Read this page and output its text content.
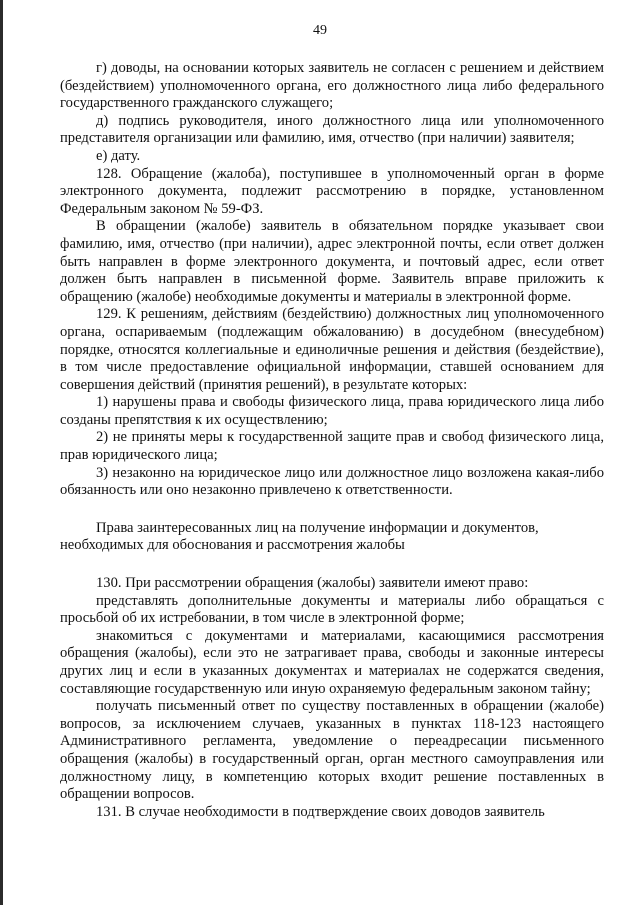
49

г) доводы, на основании которых заявитель не согласен с решением и действием (бездействием) уполномоченного органа, его должностного лица либо федерального государственного гражданского служащего;

д) подпись руководителя, иного должностного лица или уполномоченного представителя организации или фамилию, имя, отчество (при наличии) заявителя;

е) дату.

128. Обращение (жалоба), поступившее в уполномоченный орган в форме электронного документа, подлежит рассмотрению в порядке, установленном Федеральным законом № 59-ФЗ.

В обращении (жалобе) заявитель в обязательном порядке указывает свои фамилию, имя, отчество (при наличии), адрес электронной почты, если ответ должен быть направлен в форме электронного документа, и почтовый адрес, если ответ должен быть направлен в письменной форме. Заявитель вправе приложить к обращению (жалобе) необходимые документы и материалы в электронной форме.

129. К решениям, действиям (бездействию) должностных лиц уполномоченного органа, оспариваемым (подлежащим обжалованию) в досудебном (внесудебном) порядке, относятся коллегиальные и единоличные решения и действия (бездействие), в том числе предоставление официальной информации, ставшей основанием для совершения действий (принятия решений), в результате которых:

1) нарушены права и свободы физического лица, права юридического лица либо созданы препятствия к их осуществлению;

2) не приняты меры к государственной защите прав и свобод физического лица, прав юридического лица;

3) незаконно на юридическое лицо или должностное лицо возложена какая-либо обязанность или оно незаконно привлечено к ответственности.

Права заинтересованных лиц на получение информации и документов,
необходимых для обоснования и рассмотрения жалобы

130. При рассмотрении обращения (жалобы) заявители имеют право:

представлять дополнительные документы и материалы либо обращаться с просьбой об их истребовании, в том числе в электронной форме;

знакомиться с документами и материалами, касающимися рассмотрения обращения (жалобы), если это не затрагивает права, свободы и законные интересы других лиц и если в указанных документах и материалах не содержатся сведения, составляющие государственную или иную охраняемую федеральным законом тайну;

получать письменный ответ по существу поставленных в обращении (жалобе) вопросов, за исключением случаев, указанных в пунктах 118-123 настоящего Административного регламента, уведомление о переадресации письменного обращения (жалобы) в государственный орган, орган местного самоуправления или должностному лицу, в компетенцию которых входит решение поставленных в обращении вопросов.

131. В случае необходимости в подтверждение своих доводов заявитель
